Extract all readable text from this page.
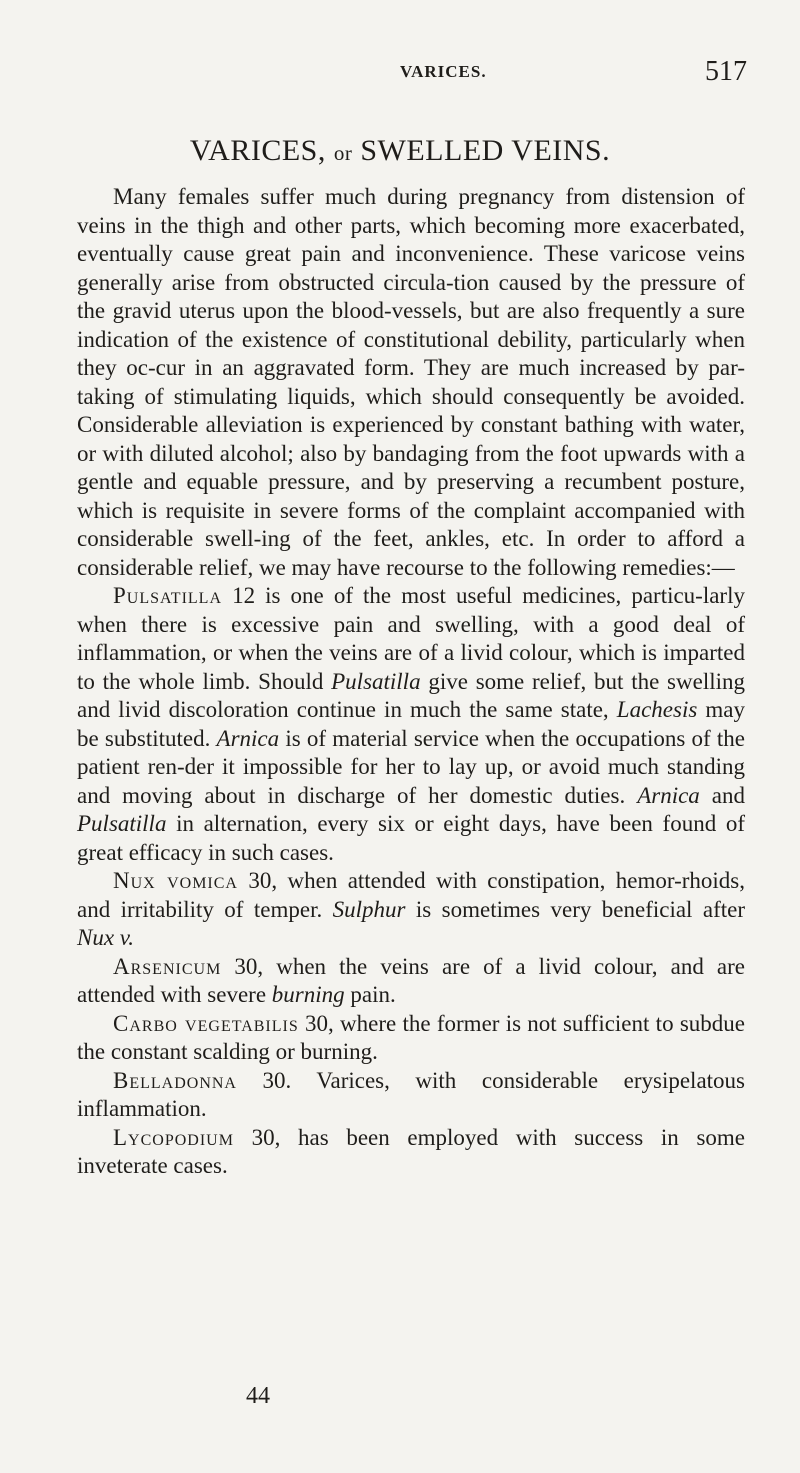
VARICES.	517
VARICES, or SWELLED VEINS.

Many females suffer much during pregnancy from distension of veins in the thigh and other parts, which becoming more exacerbated, eventually cause great pain and inconvenience. These varicose veins generally arise from obstructed circula-tion caused by the pressure of the gravid uterus upon the blood-vessels, but are also frequently a sure indication of the existence of constitutional debility, particularly when they oc-cur in an aggravated form. They are much increased by par-taking of stimulating liquids, which should consequently be avoided. Considerable alleviation is experienced by constant bathing with water, or with diluted alcohol; also by bandaging from the foot upwards with a gentle and equable pressure, and by preserving a recumbent posture, which is requisite in severe forms of the complaint accompanied with considerable swell-ing of the feet, ankles, etc. In order to afford a considerable relief, we may have recourse to the following remedies:—

Pulsatilla 12 is one of the most useful medicines, particu-larly when there is excessive pain and swelling, with a good deal of inflammation, or when the veins are of a livid colour, which is imparted to the whole limb. Should Pulsatilla give some relief, but the swelling and livid discoloration continue in much the same state, Lachesis may be substituted. Arnica is of material service when the occupations of the patient ren-der it impossible for her to lay up, or avoid much standing and moving about in discharge of her domestic duties. Arnica and Pulsatilla in alternation, every six or eight days, have been found of great efficacy in such cases.

Nux vomica 30, when attended with constipation, hemor-rhoids, and irritability of temper. Sulphur is sometimes very beneficial after Nux v.

Arsenicum 30, when the veins are of a livid colour, and are attended with severe burning pain.

Carbo vegetabilis 30, where the former is not sufficient to subdue the constant scalding or burning.

Belladonna 30. Varices, with considerable erysipelatous inflammation.

Lycopodium 30, has been employed with success in some inveterate cases.

44
